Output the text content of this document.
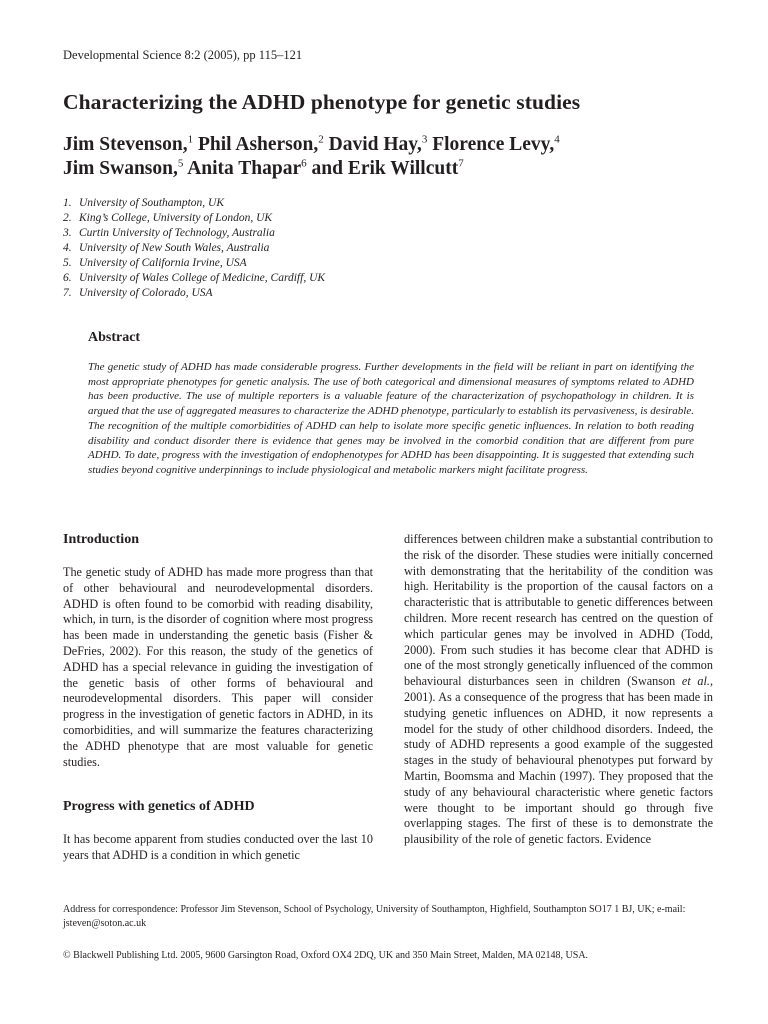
Developmental Science 8:2 (2005), pp 115–121
Characterizing the ADHD phenotype for genetic studies
Jim Stevenson,$^1$ Phil Asherson,$^2$ David Hay,$^3$ Florence Levy,$^4$
Jim Swanson,$^5$ Anita Thapar$^6$ and Erik Willcutt$^7$
1. University of Southampton, UK
2. King’s College, University of London, UK
3. Curtin University of Technology, Australia
4. University of New South Wales, Australia
5. University of California Irvine, USA
6. University of Wales College of Medicine, Cardiff, UK
7. University of Colorado, USA
Abstract

The genetic study of ADHD has made considerable progress. Further developments in the field will be reliant in part on identifying the most appropriate phenotypes for genetic analysis. The use of both categorical and dimensional measures of symptoms related to ADHD has been productive. The use of multiple reporters is a valuable feature of the characterization of psychopathology in children. It is argued that the use of aggregated measures to characterize the ADHD phenotype, particularly to establish its pervasiveness, is desirable. The recognition of the multiple comorbidities of ADHD can help to isolate more specific genetic influences. In relation to both reading disability and conduct disorder there is evidence that genes may be involved in the comorbid condition that are different from pure ADHD. To date, progress with the investigation of endophenotypes for ADHD has been disappointing. It is suggested that extending such studies beyond cognitive underpinnings to include physiological and metabolic markers might facilitate progress.

Introduction

The genetic study of ADHD has made more progress than that of other behavioural and neurodevelopmental disorders. ADHD is often found to be comorbid with reading disability, which, in turn, is the disorder of cognition where most progress has been made in understanding the genetic basis (Fisher & DeFries, 2002). For this reason, the study of the genetics of ADHD has a special relevance in guiding the investigation of the genetic basis of other forms of behavioural and neurodevelopmental disorders. This paper will consider progress in the investigation of genetic factors in ADHD, in its comorbidities, and will summarize the features characterizing the ADHD phenotype that are most valuable for genetic studies.

Progress with genetics of ADHD

It has become apparent from studies conducted over the last 10 years that ADHD is a condition in which genetic

differences between children make a substantial contribution to the risk of the disorder. These studies were initially concerned with demonstrating that the heritability of the condition was high. Heritability is the proportion of the causal factors on a characteristic that is attributable to genetic differences between children. More recent research has centred on the question of which particular genes may be involved in ADHD (Todd, 2000). From such studies it has become clear that ADHD is one of the most strongly genetically influenced of the common behavioural disturbances seen in children (Swanson et al., 2001). As a consequence of the progress that has been made in studying genetic influences on ADHD, it now represents a model for the study of other childhood disorders. Indeed, the study of ADHD represents a good example of the suggested stages in the study of behavioural phenotypes put forward by Martin, Boomsma and Machin (1997). They proposed that the study of any behavioural characteristic where genetic factors were thought to be important should go through five overlapping stages. The first of these is to demonstrate the plausibility of the role of genetic factors. Evidence

Address for correspondence: Professor Jim Stevenson, School of Psychology, University of Southampton, Highfield, Southampton SO17 1 BJ, UK; e-mail: jsteven@soton.ac.uk

© Blackwell Publishing Ltd. 2005, 9600 Garsington Road, Oxford OX4 2DQ, UK and 350 Main Street, Malden, MA 02148, USA.
